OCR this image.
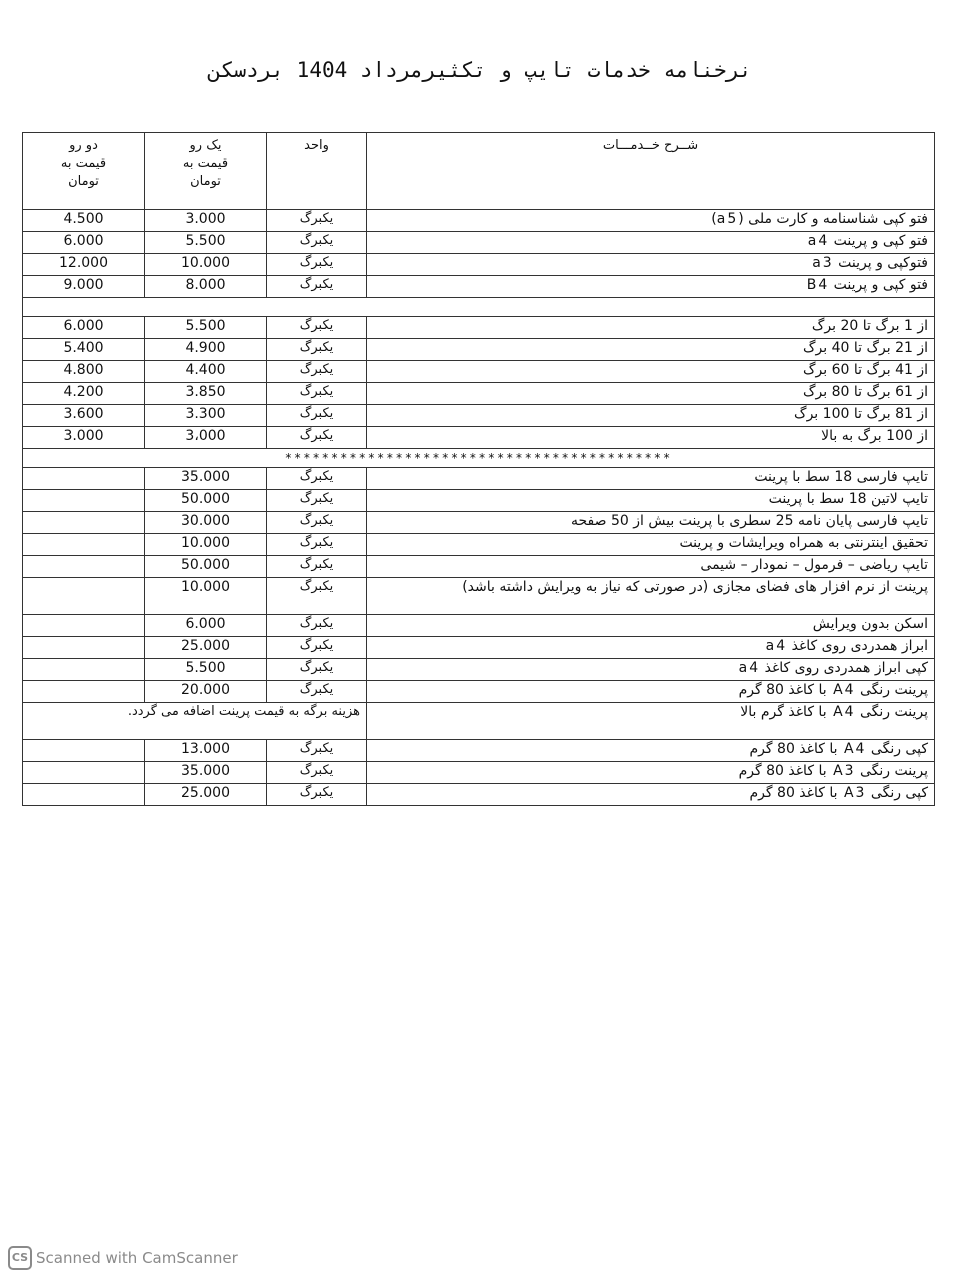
نرخنامه خدمات تایپ و تکثیرمرداد 1404 بردسکن
شــرح خــدمـــات	واحد	یک رو
قیمت به
تومان	دو رو
قیمت به
تومان

فتو کپی شناسنامه و کارت ملی (a5)	یکبرگ	3.000	4.500
فتو کپی و پرینت a4	یکبرگ	5.500	6.000
فتوکپی و پرینت a3	یکبرگ	10.000	12.000
فتو کپی و پرینت B4	یکبرگ	8.000	9.000

از 1 برگ تا 20 برگ	یکبرگ	5.500	6.000
از 21 برگ تا 40 برگ	یکبرگ	4.900	5.400
از 41 برگ تا 60 برگ	یکبرگ	4.400	4.800
از 61 برگ تا 80 برگ	یکبرگ	3.850	4.200
از 81 برگ تا 100 برگ	یکبرگ	3.300	3.600
از 100 برگ به بالا	یکبرگ	3،000	3.000
******************************************			
تایپ فارسی 18 سط با پرینت	یکبرگ	35.000	
تایپ لاتین 18 سط با پرینت	یکبرگ	50.000	
تایپ فارسی پایان نامه 25 سطری با پرینت بیش از 50 صفحه	یکبرگ	30.000	
تحقیق اینترنتی به همراه ویرایشات و پرینت	یکبرگ	10.000	
تایپ ریاضی – فرمول – نمودار – شیمی	یکبرگ	50.000	
پرینت از نرم افزار های فضای مجازی (در صورتی که نیاز به ویرایش داشته باشد)	یکبرگ	10.000	
اسکن بدون ویرایش	یکبرگ	6.000	
ابراز همدردی روی کاغذ a4	یکبرگ	25.000	
کپی ابراز همدردی روی کاغذ a4	یکبرگ	5.500	
پرینت رنگی A4 با کاغذ 80 گرم	یکبرگ	20.000	
پرینت رنگی A4 با کاغذ گرم بالا	هزینه برگه به قیمت پرینت اضافه می گردد.		
کپی رنگی A4 با کاغذ 80 گرم	یکبرگ	13.000	
پرینت رنگی A3 با کاغذ 80 گرم	یکبرگ	35.000	
کپی رنگی A3 با کاغذ 80 گرم	یکبرگ	25.000	
CS Scanned with CamScanner
